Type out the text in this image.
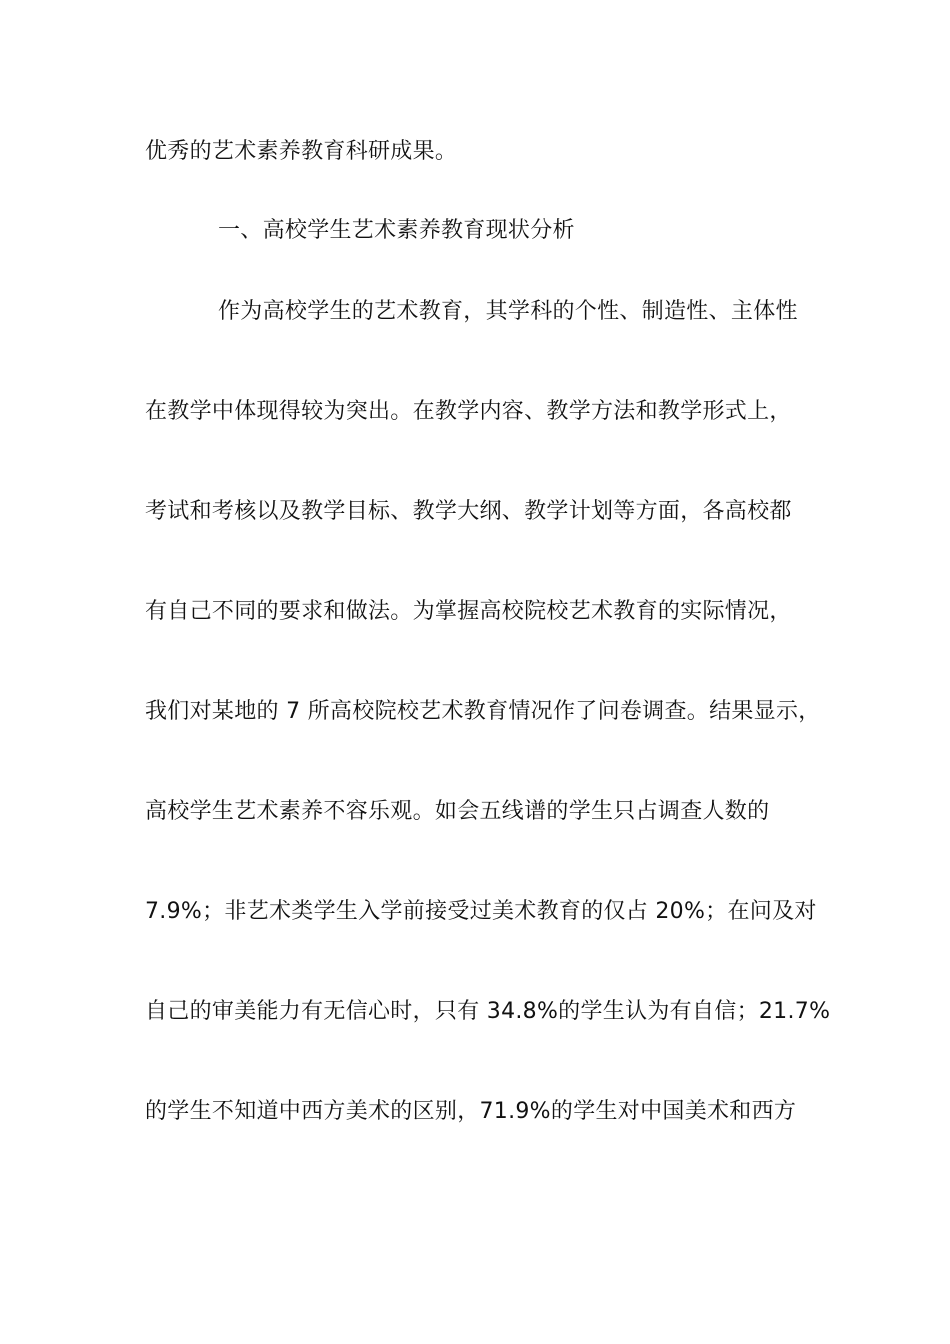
优秀的艺术素养教育科研成果。
一、高校学生艺术素养教育现状分析
作为高校学生的艺术教育，其学科的个性、制造性、主体性
在教学中体现得较为突出。在教学内容、教学方法和教学形式上，
考试和考核以及教学目标、教学大纲、教学计划等方面，各高校都
有自己不同的要求和做法。为掌握高校院校艺术教育的实际情况，
我们对某地的 7 所高校院校艺术教育情况作了问卷调查。结果显示，
高校学生艺术素养不容乐观。如会五线谱的学生只占调查人数的
7.9%；非艺术类学生入学前接受过美术教育的仅占 20%；在问及对
自己的审美能力有无信心时，只有 34.8%的学生认为有自信；21.7%
的学生不知道中西方美术的区别，71.9%的学生对中国美术和西方
